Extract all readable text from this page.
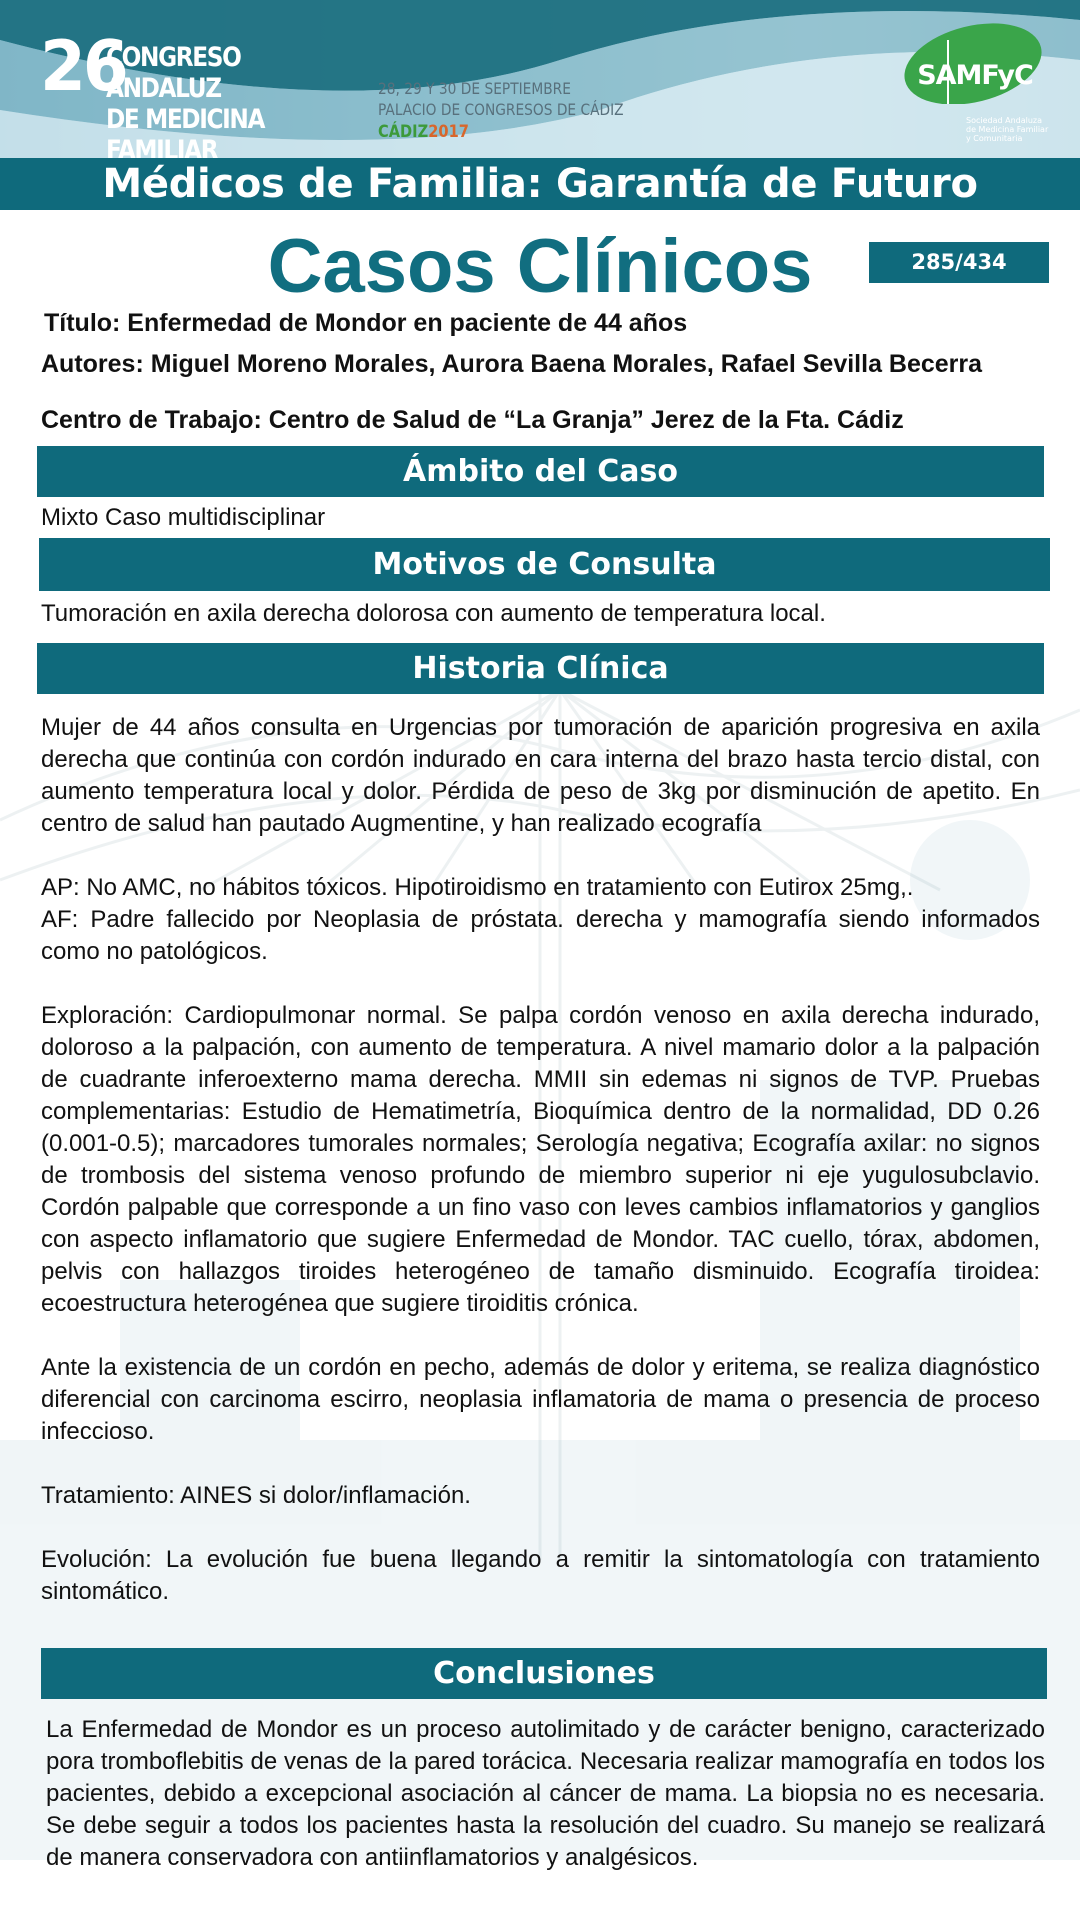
26
CONGRESO ANDALUZ
DE MEDICINA FAMILIAR
28, 29 Y 30 DE SEPTIEMBRE
PALACIO DE CONGRESOS DE CÁDIZ
CÁDIZ2017
SAMFyC
Sociedad Andaluza de Medicina Familiar y Comunitaria
Médicos de Familia: Garantía de Futuro
Casos Clínicos	285/434
Título: Enfermedad de Mondor en paciente de 44 años
Autores: Miguel Moreno Morales, Aurora Baena Morales, Rafael Sevilla Becerra
Centro de Trabajo: Centro de Salud de “La Granja” Jerez de la Fta. Cádiz
Ámbito del Caso
Mixto Caso multidisciplinar
Motivos de Consulta
Tumoración en axila derecha dolorosa con aumento de temperatura local.
Historia Clínica

Mujer de 44 años consulta en Urgencias por tumoración de aparición progresiva en axila derecha que continúa con cordón indurado en cara interna del brazo hasta tercio distal, con aumento temperatura local y dolor. Pérdida de peso de 3kg por disminución de apetito. En centro de salud han pautado Augmentine, y han realizado ecografía

AP: No AMC, no hábitos tóxicos. Hipotiroidismo en tratamiento con Eutirox 25mg,.

AF: Padre fallecido por Neoplasia de próstata. derecha y mamografía siendo informados como no patológicos.

Exploración: Cardiopulmonar normal. Se palpa cordón venoso en axila derecha indurado, doloroso a la palpación, con aumento de temperatura. A nivel mamario dolor a la palpación de cuadrante inferoexterno mama derecha. MMII sin edemas ni signos de TVP. Pruebas complementarias: Estudio de Hematimetría, Bioquímica dentro de la normalidad, DD 0.26 (0.001-0.5); marcadores tumorales normales; Serología negativa; Ecografía axilar: no signos de trombosis del sistema venoso profundo de miembro superior ni eje yugulosubclavio. Cordón palpable que corresponde a un fino vaso con leves cambios inflamatorios y ganglios con aspecto inflamatorio que sugiere Enfermedad de Mondor. TAC cuello, tórax, abdomen, pelvis con hallazgos tiroides heterogéneo de tamaño disminuido. Ecografía tiroidea: ecoestructura heterogénea que sugiere tiroiditis crónica.

Ante la existencia de un cordón en pecho, además de dolor y eritema, se realiza diagnóstico diferencial con carcinoma escirro, neoplasia inflamatoria de mama o presencia de proceso infeccioso.

Tratamiento: AINES si dolor/inflamación.

Evolución: La evolución fue buena llegando a remitir la sintomatología con tratamiento sintomático.

Conclusiones
La Enfermedad de Mondor es un proceso autolimitado y de carácter benigno, caracterizado pora tromboflebitis de venas de la pared torácica. Necesaria realizar mamografía en todos los pacientes, debido a excepcional asociación al cáncer de mama. La biopsia no es necesaria. Se debe seguir a todos los pacientes hasta la resolución del cuadro. Su manejo se realizará de manera conservadora con antiinflamatorios y analgésicos.
